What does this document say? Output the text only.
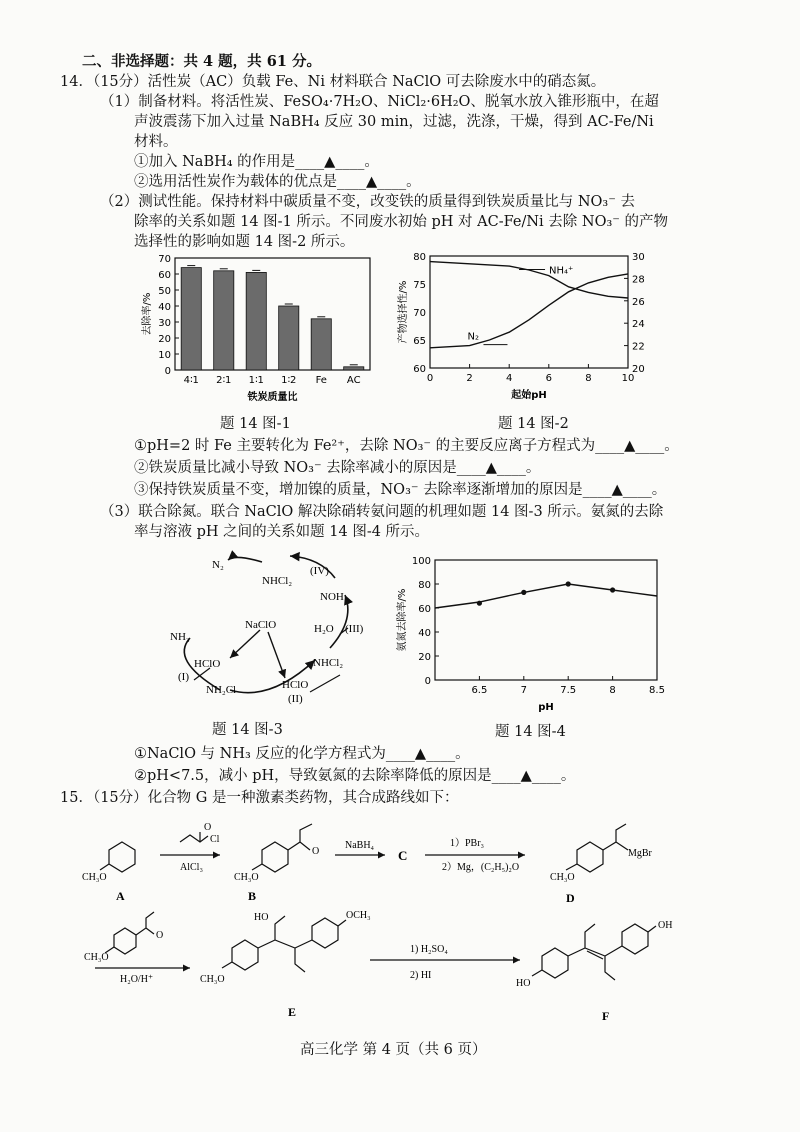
二、非选择题：共 4 题，共 61 分。
14．（15分）活性炭（AC）负载 Fe、Ni 材料联合 NaClO 可去除废水中的硝态氮。
（1）制备材料。将活性炭、FeSO₄·7H₂O、NiCl₂·6H₂O、脱氧水放入锥形瓶中，在超
声波震荡下加入过量 NaBH₄ 反应 30 min，过滤，洗涤，干燥，得到 AC-Fe/Ni
材料。
①加入 NaBH₄ 的作用是____▲____。
②选用活性炭作为载体的优点是____▲____。
（2）测试性能。保持材料中碳质量不变，改变铁的质量得到铁炭质量比与 NO₃⁻ 去
除率的关系如题 14 图-1 所示。不同废水初始 pH 对 AC-Fe/Ni 去除 NO₃⁻ 的产物
选择性的影响如题 14 图-2 所示。
0
10
20
30
40
50
60
70
4∶1 2∶1 1∶1 1∶2 Fe AC
铁炭质量比
去除率/%
题 14 图-1
0	2	4	6	8	10
60
65
70
75
80
20
22
24
26
28
30
NH₄⁺
N₂
起始pH
产物选择性/%
题 14 图-2
①pH=2 时 Fe 主要转化为 Fe²⁺，去除 NO₃⁻ 的主要反应离子方程式为____▲____。
②铁炭质量比减小导致 NO₃⁻ 去除率减小的原因是____▲____。
③保持铁炭质量不变，增加镍的质量，NO₃⁻ 去除率逐渐增加的原因是____▲____。
（3）联合除氮。联合 NaClO 解决除硝转氨问题的机理如题 14 图-3 所示。氨氮的去除
率与溶液 pH 之间的关系如题 14 图-4 所示。
N₂
NHCl₂
(IV)
NOH
H₂O (III)
NaClO
NH₃
HClO
(I)
NH₂Cl	HClO
(II)
NHCl₂
题 14 图-3
0
20
40
60
80
100
6.5	7	7.5	8	8.5
pH
氨氮去除率/%
题 14 图-4
①NaClO 与 NH₃ 反应的化学方程式为____▲____。
②pH<7.5，减小 pH，导致氨氮的去除率降低的原因是____▲____。
15．（15分）化合物 G 是一种激素类药物，其合成路线如下：
CH₃O
A
O
Cl
AlCl₃
CH₃O
O
B
NaBH₄
C
1）PBr₃
2）Mg，(C₂H₅)₂O
CH₃O
MgBr
D
CH₃O
O
H₂O/H⁺
HO	OCH₃
CH₃O
E
1) H₂SO₄
2) HI
HO
OH
F
高三化学 第 4 页（共 6 页）
